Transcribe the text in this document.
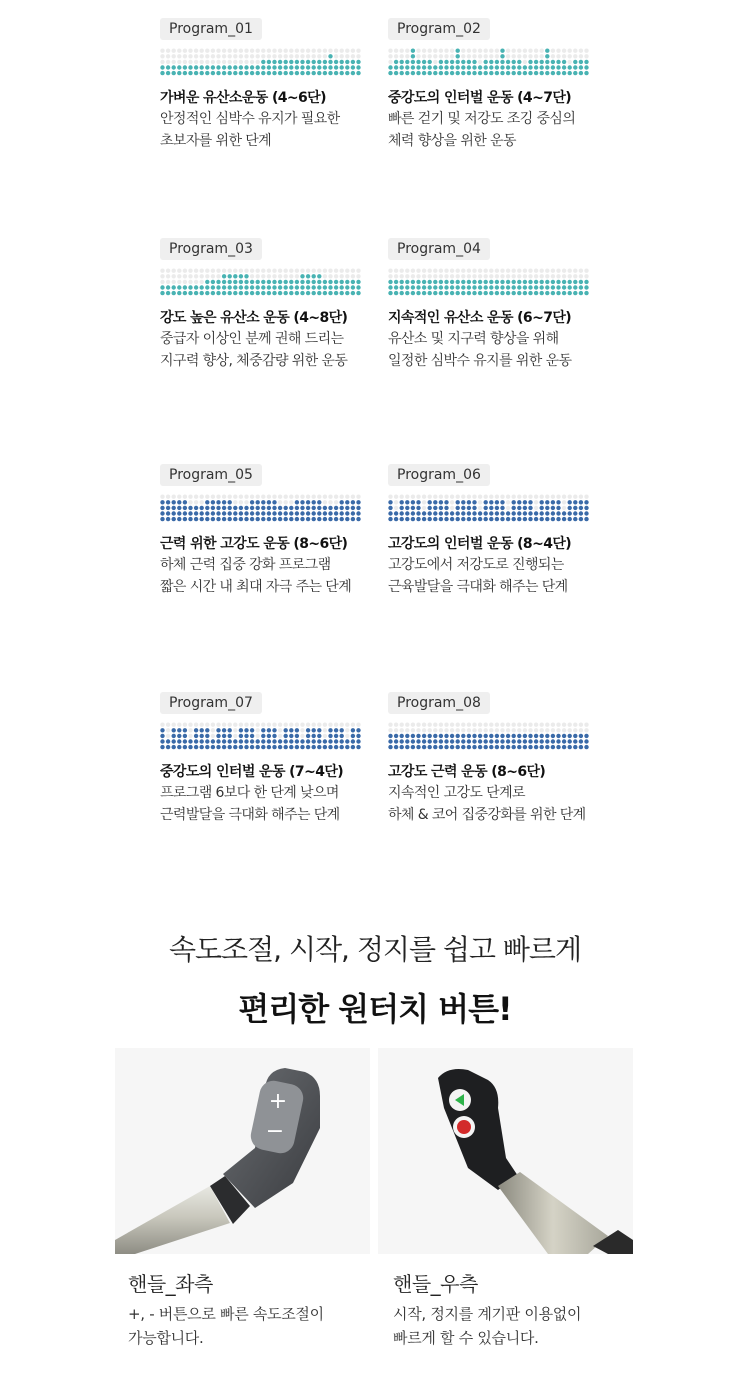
Program_01
가벼운 유산소운동 (4~6단)
안정적인 심박수 유지가 필요한
초보자를 위한 단계
Program_02
중강도의 인터벌 운동 (4~7단)
빠른 걷기 및 저강도 조깅 중심의
체력 향상을 위한 운동
Program_03
강도 높은 유산소 운동 (4~8단)
중급자 이상인 분께 권해 드리는
지구력 향상, 체중감량 위한 운동
Program_04
지속적인 유산소 운동 (6~7단)
유산소 및 지구력 향상을 위해
일정한 심박수 유지를 위한 운동
Program_05
근력 위한 고강도 운동 (8~6단)
하체 근력 집중 강화 프로그램
짧은 시간 내 최대 자극 주는 단계
Program_06
고강도의 인터벌 운동 (8~4단)
고강도에서 저강도로 진행되는
근육발달을 극대화 해주는 단계
Program_07
중강도의 인터벌 운동 (7~4단)
프로그램 6보다 한 단계 낮으며
근력발달을 극대화 해주는 단계
Program_08
고강도 근력 운동 (8~6단)
지속적인 고강도 단계로
하체 & 코어 집중강화를 위한 단계
속도조절, 시작, 정지를 쉽고 빠르게
편리한 원터치 버튼!
+
−
핸들_좌측
+, - 버튼으로 빠른 속도조절이
가능합니다.
핸들_우측
시작, 정지를 계기판 이용없이
빠르게 할 수 있습니다.
